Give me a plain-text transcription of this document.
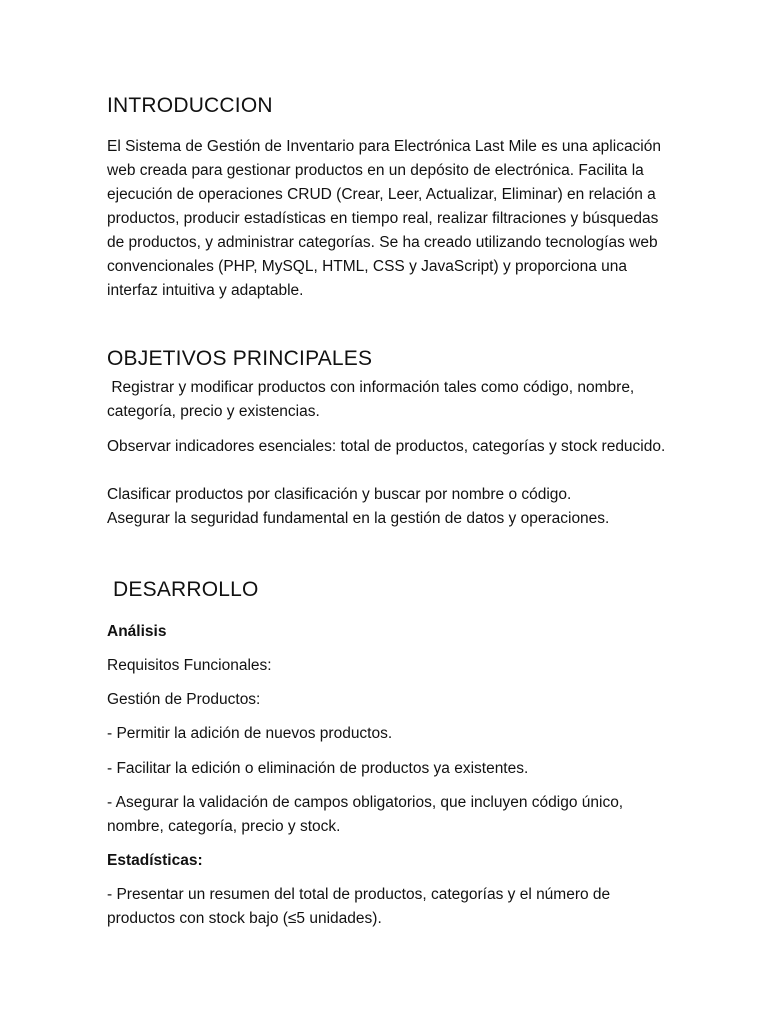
INTRODUCCION

El Sistema de Gestión de Inventario para Electrónica Last Mile es una aplicación web creada para gestionar productos en un depósito de electrónica. Facilita la ejecución de operaciones CRUD (Crear, Leer, Actualizar, Eliminar) en relación a productos, producir estadísticas en tiempo real, realizar filtraciones y búsquedas de productos, y administrar categorías. Se ha creado utilizando tecnologías web convencionales (PHP, MySQL, HTML, CSS y JavaScript) y proporciona una interfaz intuitiva y adaptable.

OBJETIVOS PRINCIPALES

Registrar y modificar productos con información tales como código, nombre, categoría, precio y existencias.

Observar indicadores esenciales: total de productos, categorías y stock reducido.

Clasificar productos por clasificación y buscar por nombre o código.

Asegurar la seguridad fundamental en la gestión de datos y operaciones.

DESARROLLO

Análisis

Requisitos Funcionales:

Gestión de Productos:

- Permitir la adición de nuevos productos.

- Facilitar la edición o eliminación de productos ya existentes.

- Asegurar la validación de campos obligatorios, que incluyen código único, nombre, categoría, precio y stock.

Estadísticas:

- Presentar un resumen del total de productos, categorías y el número de productos con stock bajo (≤5 unidades).
